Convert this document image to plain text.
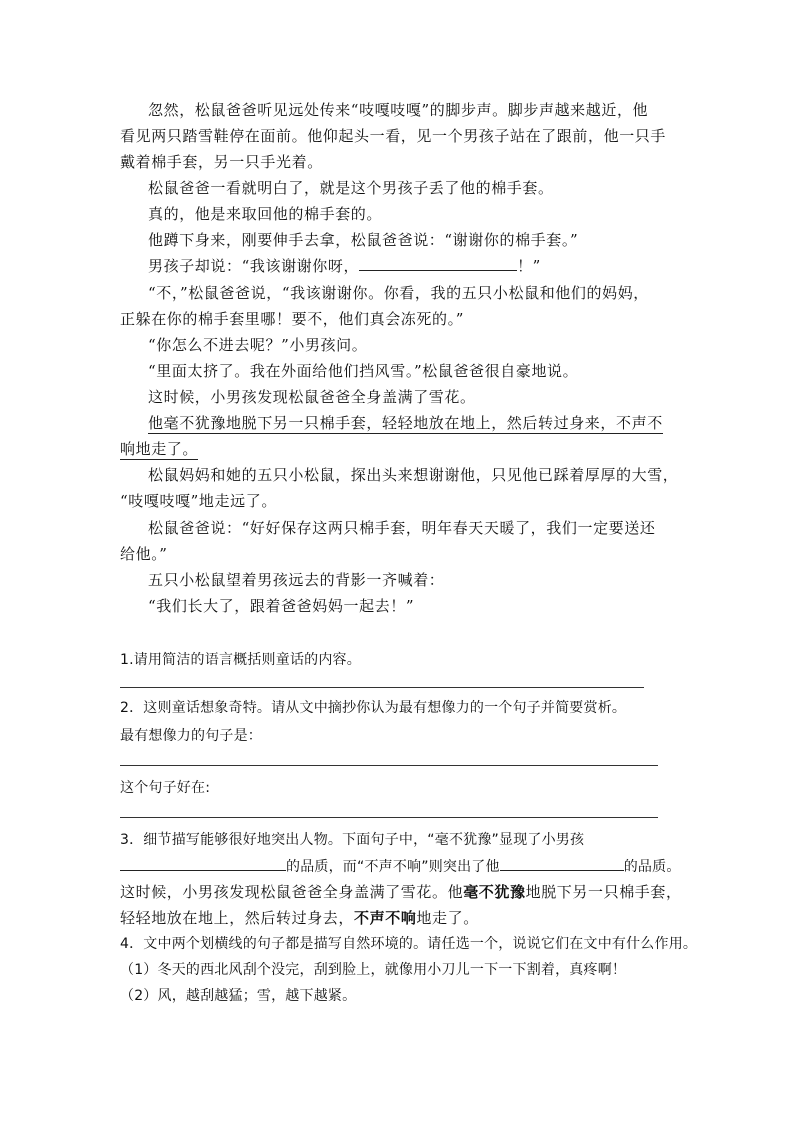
忽然，松鼠爸爸听见远处传来“吱嘎吱嘎”的脚步声。脚步声越来越近，他
看见两只踏雪鞋停在面前。他仰起头一看，见一个男孩子站在了跟前，他一只手
戴着棉手套，另一只手光着。
松鼠爸爸一看就明白了，就是这个男孩子丢了他的棉手套。
真的，他是来取回他的棉手套的。
他蹲下身来，刚要伸手去拿，松鼠爸爸说：“谢谢你的棉手套。”
男孩子却说：“我该谢谢你呀，	！”
“不，”松鼠爸爸说，“我该谢谢你。你看，我的五只小松鼠和他们的妈妈，
正躲在你的棉手套里哪！要不，他们真会冻死的。”
“你怎么不进去呢？”小男孩问。
“里面太挤了。我在外面给他们挡风雪。”松鼠爸爸很自豪地说。
这时候，小男孩发现松鼠爸爸全身盖满了雪花。
他毫不犹豫地脱下另一只棉手套，轻轻地放在地上，然后转过身来，不声不
响地走了。
松鼠妈妈和她的五只小松鼠，探出头来想谢谢他，只见他已踩着厚厚的大雪，
“吱嘎吱嘎”地走远了。
松鼠爸爸说：“好好保存这两只棉手套，明年春天天暖了，我们一定要送还
给他。”
五只小松鼠望着男孩远去的背影一齐喊着：
“我们长大了，跟着爸爸妈妈一起去！”
1.请用简洁的语言概括则童话的内容。
2．这则童话想象奇特。请从文中摘抄你认为最有想像力的一个句子并简要赏析。
最有想像力的句子是：
这个句子好在:
3．细节描写能够很好地突出人物。下面句子中，“毫不犹豫”显现了小男孩
的品质，而“不声不响”则突出了他	的品质。
这时候，小男孩发现松鼠爸爸全身盖满了雪花。他毫不犹豫地脱下另一只棉手套，
轻轻地放在地上，然后转过身去，不声不响地走了。
4．文中两个划横线的句子都是描写自然环境的。请任选一个，说说它们在文中有什么作用。
（1）冬天的西北风刮个没完，刮到脸上，就像用小刀儿一下一下割着，真疼啊！
（2）风，越刮越猛；雪，越下越紧。
